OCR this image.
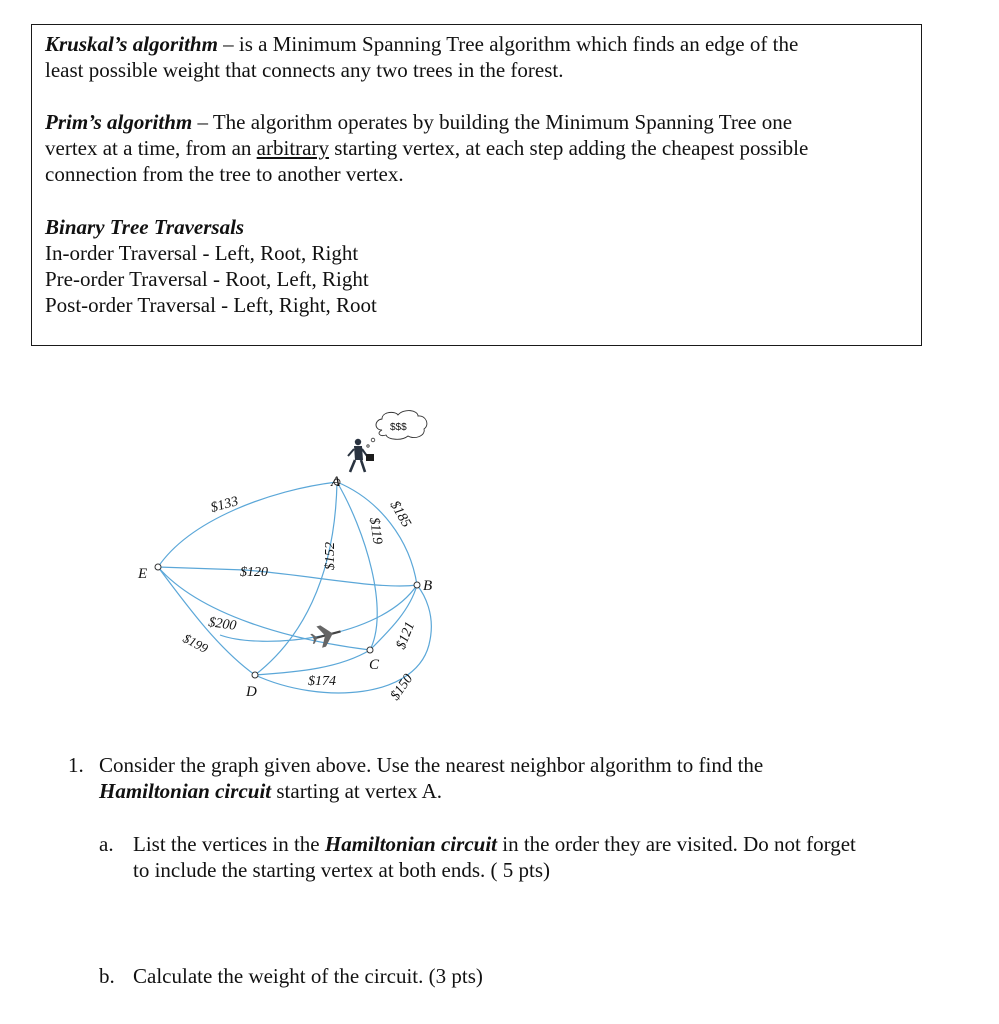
Kruskal’s algorithm – is a Minimum Spanning Tree algorithm which finds an edge of the
least possible weight that connects any two trees in the forest.
Prim’s algorithm – The algorithm operates by building the Minimum Spanning Tree one
vertex at a time, from an arbitrary starting vertex, at each step adding the cheapest possible
connection from the tree to another vertex.
Binary Tree Traversals
In-order Traversal - Left, Root, Right
Pre-order Traversal - Root, Left, Right
Post-order Traversal - Left, Right, Root
A
B
C
D
E
$133
$120
$200
$199
$152
$119
$185
$174
$121
$150
$$$
1. Consider the graph given above. Use the nearest neighbor algorithm to find the
Hamiltonian circuit starting at vertex A.
a. List the vertices in the Hamiltonian circuit in the order they are visited. Do not forget
to include the starting vertex at both ends. ( 5 pts)
b. Calculate the weight of the circuit. (3 pts)
